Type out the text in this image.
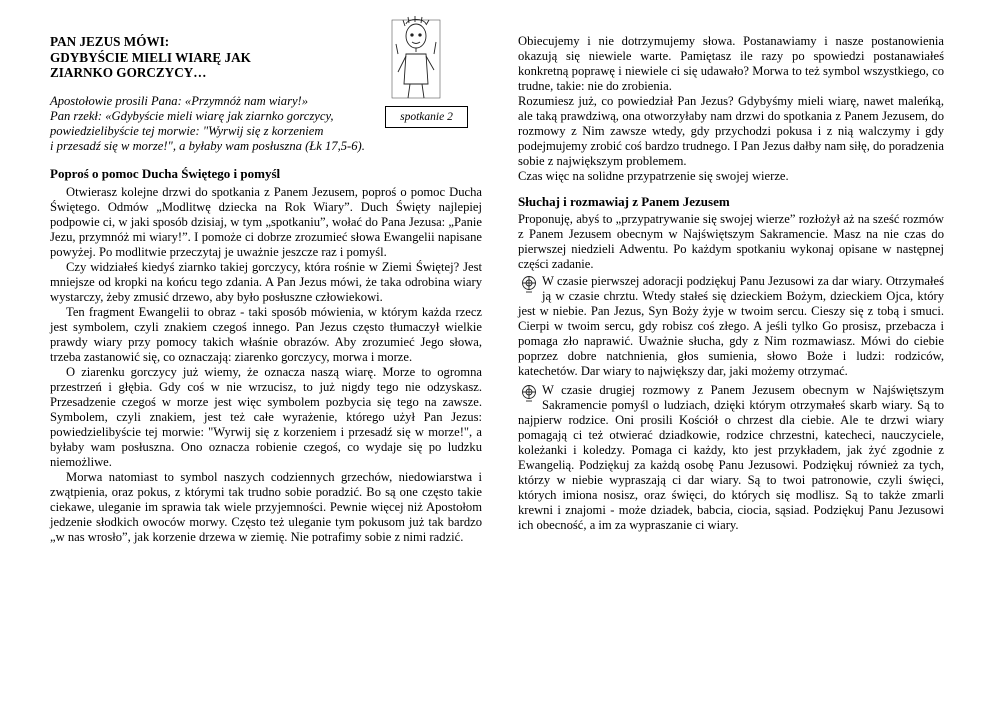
spotkanie 2
PAN JEZUS MÓWI:
GDYBYŚCIE MIELI WIARĘ JAK
ZIARNKO GORCZYCY…
Apostołowie prosili Pana: «Przymnóż nam wiary!»
Pan rzekł: «Gdybyście mieli wiarę jak ziarnko gorczycy,
powiedzielibyście tej morwie: "Wyrwij się z korzeniem
i przesadź się w morze!", a byłaby wam posłuszna (Łk 17,5-6).
Poproś o pomoc Ducha Świętego i pomyśl

Otwierasz kolejne drzwi do spotkania z Panem Jezusem, poproś o pomoc Ducha Świętego. Odmów „Modlitwę dziecka na Rok Wiary”. Duch Święty najlepiej podpowie ci, w jaki sposób dzisiaj, w tym „spotkaniu”, wołać do Pana Jezusa: „Panie Jezu, przymnóż mi wiary!”. I pomoże ci dobrze zrozumieć słowa Ewangelii napisane powyżej. Po modlitwie przeczytaj je uważnie jeszcze raz i pomyśl.

Czy widziałeś kiedyś ziarnko takiej gorczycy, która rośnie w Ziemi Świętej? Jest mniejsze od kropki na końcu tego zdania. A Pan Jezus mówi, że taka odrobina wiary wystarczy, żeby zmusić drzewo, aby było posłuszne człowiekowi.

Ten fragment Ewangelii to obraz - taki sposób mówienia, w którym każda rzecz jest symbolem, czyli znakiem czegoś innego. Pan Jezus często tłumaczył wielkie prawdy wiary przy pomocy takich właśnie obrazów. Aby zrozumieć Jego słowa, trzeba zastanowić się, co oznaczają: ziarenko gorczycy, morwa i morze.

O ziarenku gorczycy już wiemy, że oznacza naszą wiarę. Morze to ogromna przestrzeń i głębia. Gdy coś w nie wrzucisz, to już nigdy tego nie odzyskasz. Przesadzenie czegoś w morze jest więc symbolem pozbycia się tego na zawsze. Symbolem, czyli znakiem, jest też całe wyrażenie, którego użył Pan Jezus: powiedzielibyście tej morwie: "Wyrwij się z korzeniem i przesadź się w morze!", a byłaby wam posłuszna. Ono oznacza robienie czegoś, co wydaje się po ludzku niemożliwe.

Morwa natomiast to symbol naszych codziennych grzechów, niedowiarstwa i zwątpienia, oraz pokus, z którymi tak trudno sobie poradzić. Bo są one często takie ciekawe, uleganie im sprawia tak wiele przyjemności. Pewnie więcej niż Apostołom jedzenie słodkich owoców morwy. Często też uleganie tym pokusom już tak bardzo „w nas wrosło”, jak korzenie drzewa w ziemię. Nie potrafimy sobie z nimi radzić.

Obiecujemy i nie dotrzymujemy słowa. Postanawiamy i nasze postanowienia okazują się niewiele warte. Pamiętasz ile razy po spowiedzi postanawiałeś konkretną poprawę i niewiele ci się udawało? Morwa to też symbol wszystkiego, co trudne, takie: nie do zrobienia.

Rozumiesz już, co powiedział Pan Jezus? Gdybyśmy mieli wiarę, nawet maleńką, ale taką prawdziwą, ona otworzyłaby nam drzwi do spotkania z Panem Jezusem, do rozmowy z Nim zawsze wtedy, gdy przychodzi pokusa i z nią walczymy i gdy podejmujemy zrobić coś bardzo trudnego. I Pan Jezus dałby nam siłę, do poradzenia sobie z największym problemem.

Czas więc na solidne przypatrzenie się swojej wierze.

Słuchaj i rozmawiaj z Panem Jezusem

Proponuję, abyś to „przypatrywanie się swojej wierze” rozłożył aż na sześć rozmów z Panem Jezusem obecnym w Najświętszym Sakramencie. Masz na nie czas do pierwszej niedzieli Adwentu. Po każdym spotkaniu wykonaj opisane w następnej części zadanie.

W czasie pierwszej adoracji podziękuj Panu Jezusowi za dar wiary. Otrzymałeś ją w czasie chrztu. Wtedy stałeś się dzieckiem Bożym, dzieckiem Ojca, który jest w niebie. Pan Jezus, Syn Boży żyje w twoim sercu. Cieszy się z tobą i smuci. Cierpi w twoim sercu, gdy robisz coś złego. A jeśli tylko Go prosisz, przebacza i pomaga zło naprawić. Uważnie słucha, gdy z Nim rozmawiasz. Mówi do ciebie poprzez dobre natchnienia, głos sumienia, słowo Boże i ludzi: rodziców, katechetów. Dar wiary to największy dar, jaki możemy otrzymać.

W czasie drugiej rozmowy z Panem Jezusem obecnym w Najświętszym Sakramencie pomyśl o ludziach, dzięki którym otrzymałeś skarb wiary. Są to najpierw rodzice. Oni prosili Kościół o chrzest dla ciebie. Ale te drzwi wiary pomagają ci też otwierać dziadkowie, rodzice chrzestni, katecheci, nauczyciele, koleżanki i koledzy. Pomaga ci każdy, kto jest przykładem, jak żyć zgodnie z Ewangelią. Podziękuj za każdą osobę Panu Jezusowi. Podziękuj również za tych, którzy w niebie wypraszają ci dar wiary. Są to twoi patronowie, czyli święci, których imiona nosisz, oraz święci, do których się modlisz. Są to także zmarli krewni i znajomi - może dziadek, babcia, ciocia, sąsiad. Podziękuj Panu Jezusowi ich obecność, a im za wypraszanie ci wiary.
